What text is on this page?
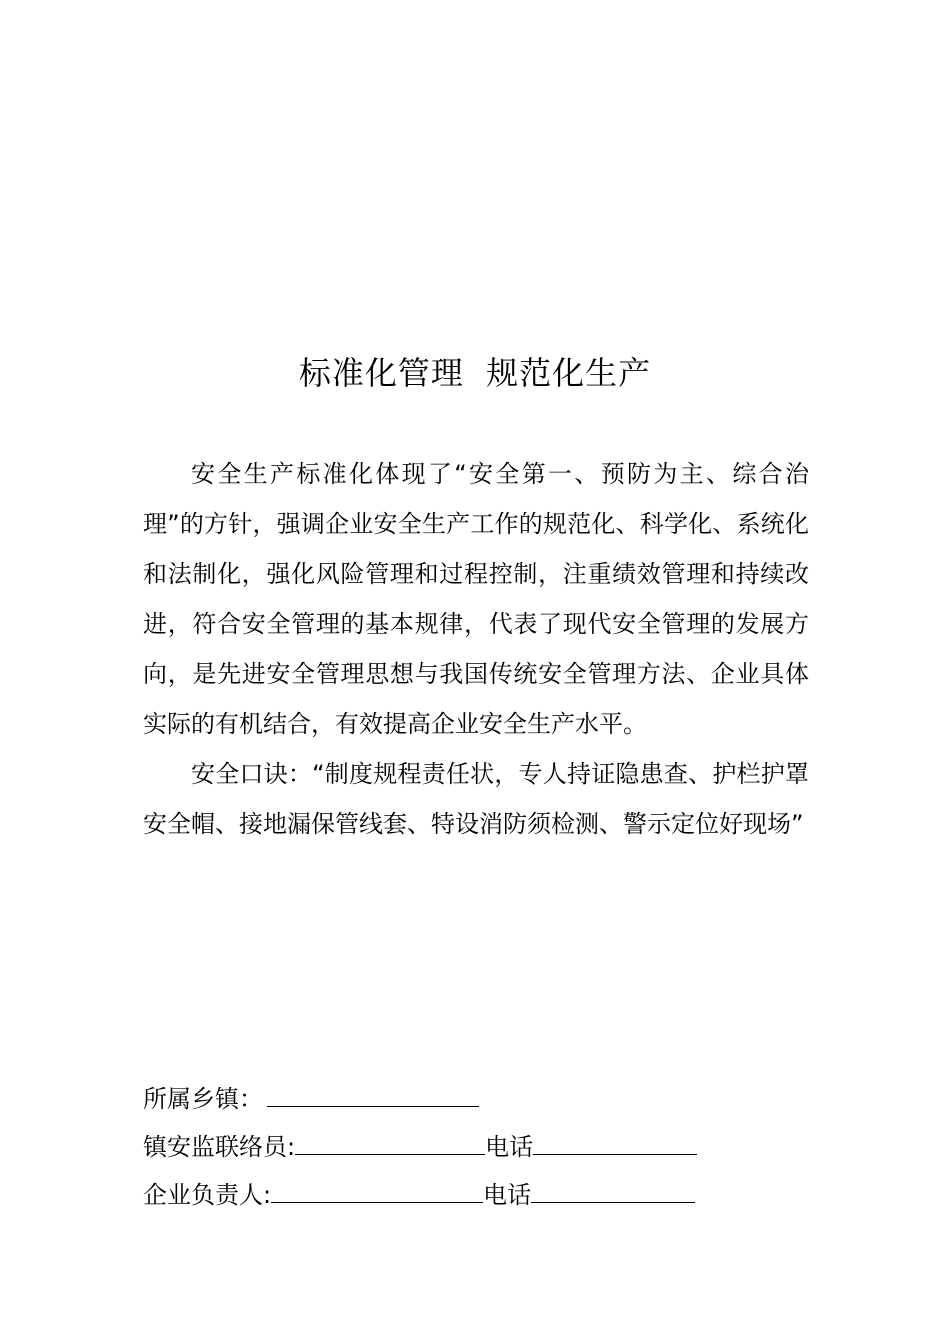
标准化管理  规范化生产

安全生产标准化体现了“安全第一、预防为主、综合治理”的方针，强调企业安全生产工作的规范化、科学化、系统化和法制化，强化风险管理和过程控制，注重绩效管理和持续改进，符合安全管理的基本规律，代表了现代安全管理的发展方向，是先进安全管理思想与我国传统安全管理方法、企业具体实际的有机结合，有效提高企业安全生产水平。

安全口诀：“制度规程责任状，专人持证隐患查、护栏护罩安全帽、接地漏保管线套、特设消防须检测、警示定位好现场”

所属乡镇：
镇安监联络员:	电话
企业负责人:	电话
